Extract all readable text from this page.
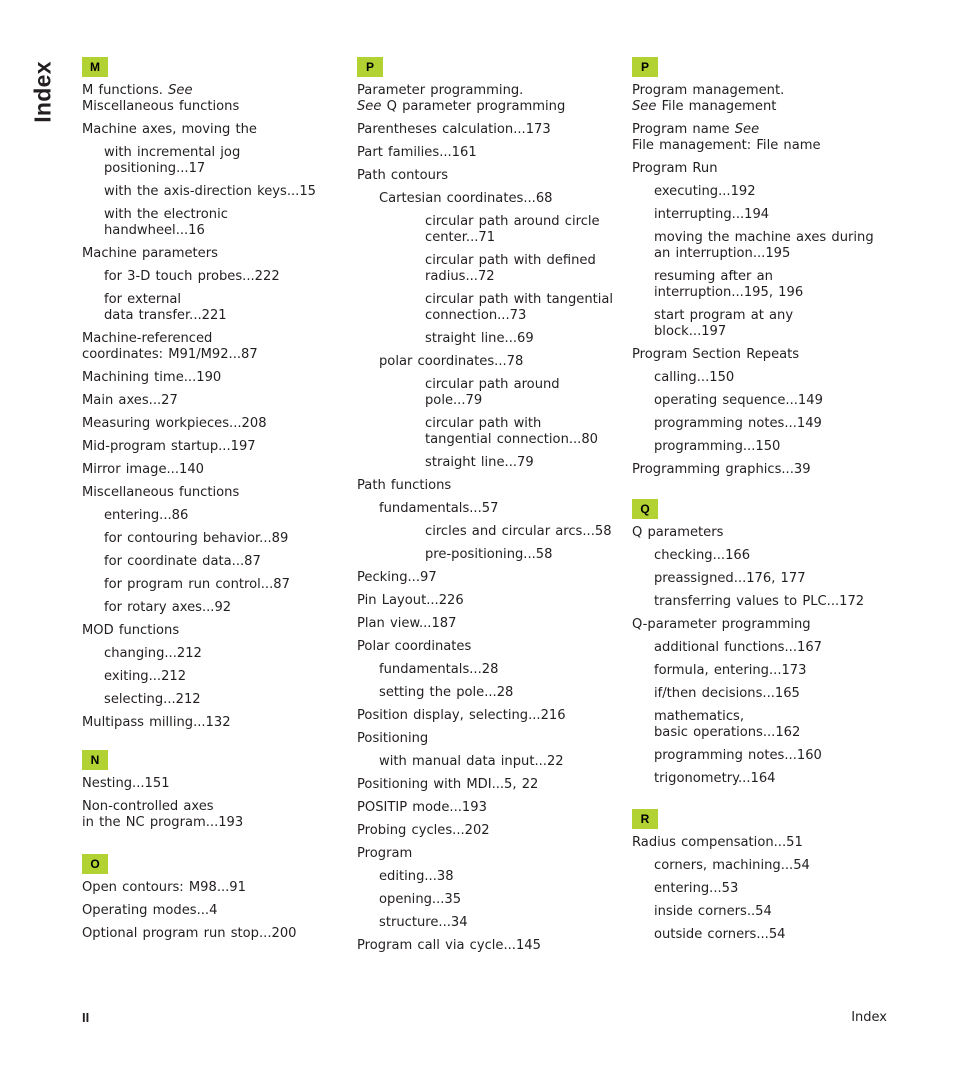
Index	M
M functions. See
Miscellaneous functions
Machine axes, moving the
with incremental jog
positioning...17
with the axis-direction keys...15
with the electronic
handwheel...16
Machine parameters
for 3-D touch probes...222
for external
data transfer...221
Machine-referenced
coordinates: M91/M92...87
Machining time...190
Main axes...27
Measuring workpieces...208
Mid-program startup...197
Mirror image...140
Miscellaneous functions
entering...86
for contouring behavior...89
for coordinate data...87
for program run control...87
for rotary axes...92
MOD functions
changing...212
exiting...212
selecting...212
Multipass milling...132
N
Nesting...151
Non-controlled axes
in the NC program...193
O
Open contours: M98...91
Operating modes...4
Optional program run stop...200
P
Parameter programming.
See Q parameter programming
Parentheses calculation...173
Part families...161
Path contours
Cartesian coordinates...68
circular path around circle
center...71
circular path with defined
radius...72
circular path with tangential
connection...73
straight line...69
polar coordinates...78
circular path around
pole...79
circular path with
tangential connection...80
straight line...79
Path functions
fundamentals...57
circles and circular arcs...58
pre-positioning...58
Pecking...97
Pin Layout...226
Plan view...187
Polar coordinates
fundamentals...28
setting the pole...28
Position display, selecting...216
Positioning
with manual data input...22
Positioning with MDI...5, 22
POSITIP mode...193
Probing cycles...202
Program
editing...38
opening...35
structure...34
Program call via cycle...145
P
Program management.
See File management
Program name See
File management: File name
Program Run
executing...192
interrupting...194
moving the machine axes during
an interruption...195
resuming after an
interruption...195, 196
start program at any
block...197
Program Section Repeats
calling...150
operating sequence...149
programming notes...149
programming...150
Programming graphics...39
Q
Q parameters
checking...166
preassigned...176, 177
transferring values to PLC...172
Q-parameter programming
additional functions...167
formula, entering...173
if/then decisions...165
mathematics,
basic operations...162
programming notes...160
trigonometry...164
R
Radius compensation...51
corners, machining...54
entering...53
inside corners..54
outside corners...54
II	Index
